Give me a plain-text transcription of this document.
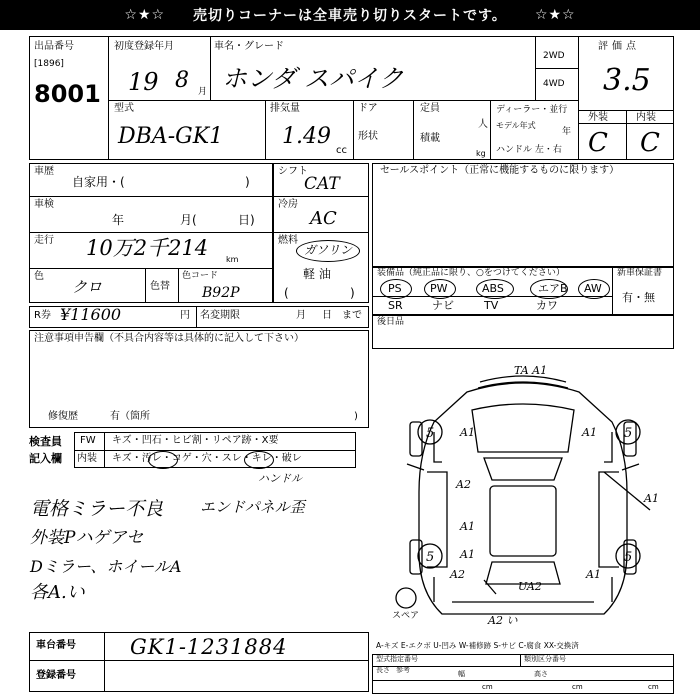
☆★☆ 売切りコーナーは全車売り切りスタートです。 ☆★☆
出品番号
[1896]
8001
初度登録年月
19 8 月
車名・グレード
ホンダ スパイク
2WD
4WD
評価点
3.5
外装	内装
C C
型式
DBA-GK1
排気量
1.49
cc
ドア
形状
定員
人
積載
kg
ディーラー・並行
モデル年式
年
ハンドル 左・右
車歴
自家用・(	)
車検
年	月(	日)
走行 10万2千214 km
色
クロ	色替
色コード
B92P
シフト
CAT
冷房
AC
燃料
ガソリン
軽 油
(	)
セールスポイント（正常に機能するものに限ります）
装備品（純正品に限り、○をつけてください）	新車保証書
有・無
PS	PW	ABS	エアB AW
SR	ナビ	TV	カワ
R券 ¥11600	円 名変期限	月 日 まで
注意事項申告欄（不具合内容等は具体的に記入して下さい）
修復歴	有（箇所	)
後日品
検査員
記入欄
FW キズ・凹石・ヒビ割・リペア跡・X要
内装 キズ・汚レ・コゲ・穴・スレ・キレ・破レ
ハンドル
電格ミラー不良 エンドパネル歪
外装Pハゲアセ
Dミラー、ホイールA
各A.い
車台番号	GK1-1231884
登録番号
TA A1
A1	A1
A2
A1
A1
A1
A2	A1
UA2
A2 い
5	5
5	5
スペア
A-キズ E-エクボ U-凹み W-補修跡 S-サビ C-腐食 XX-交換済
型式指定番号	類別区分番号
参考
長さ	幅	高さ
cm	cm	cm
